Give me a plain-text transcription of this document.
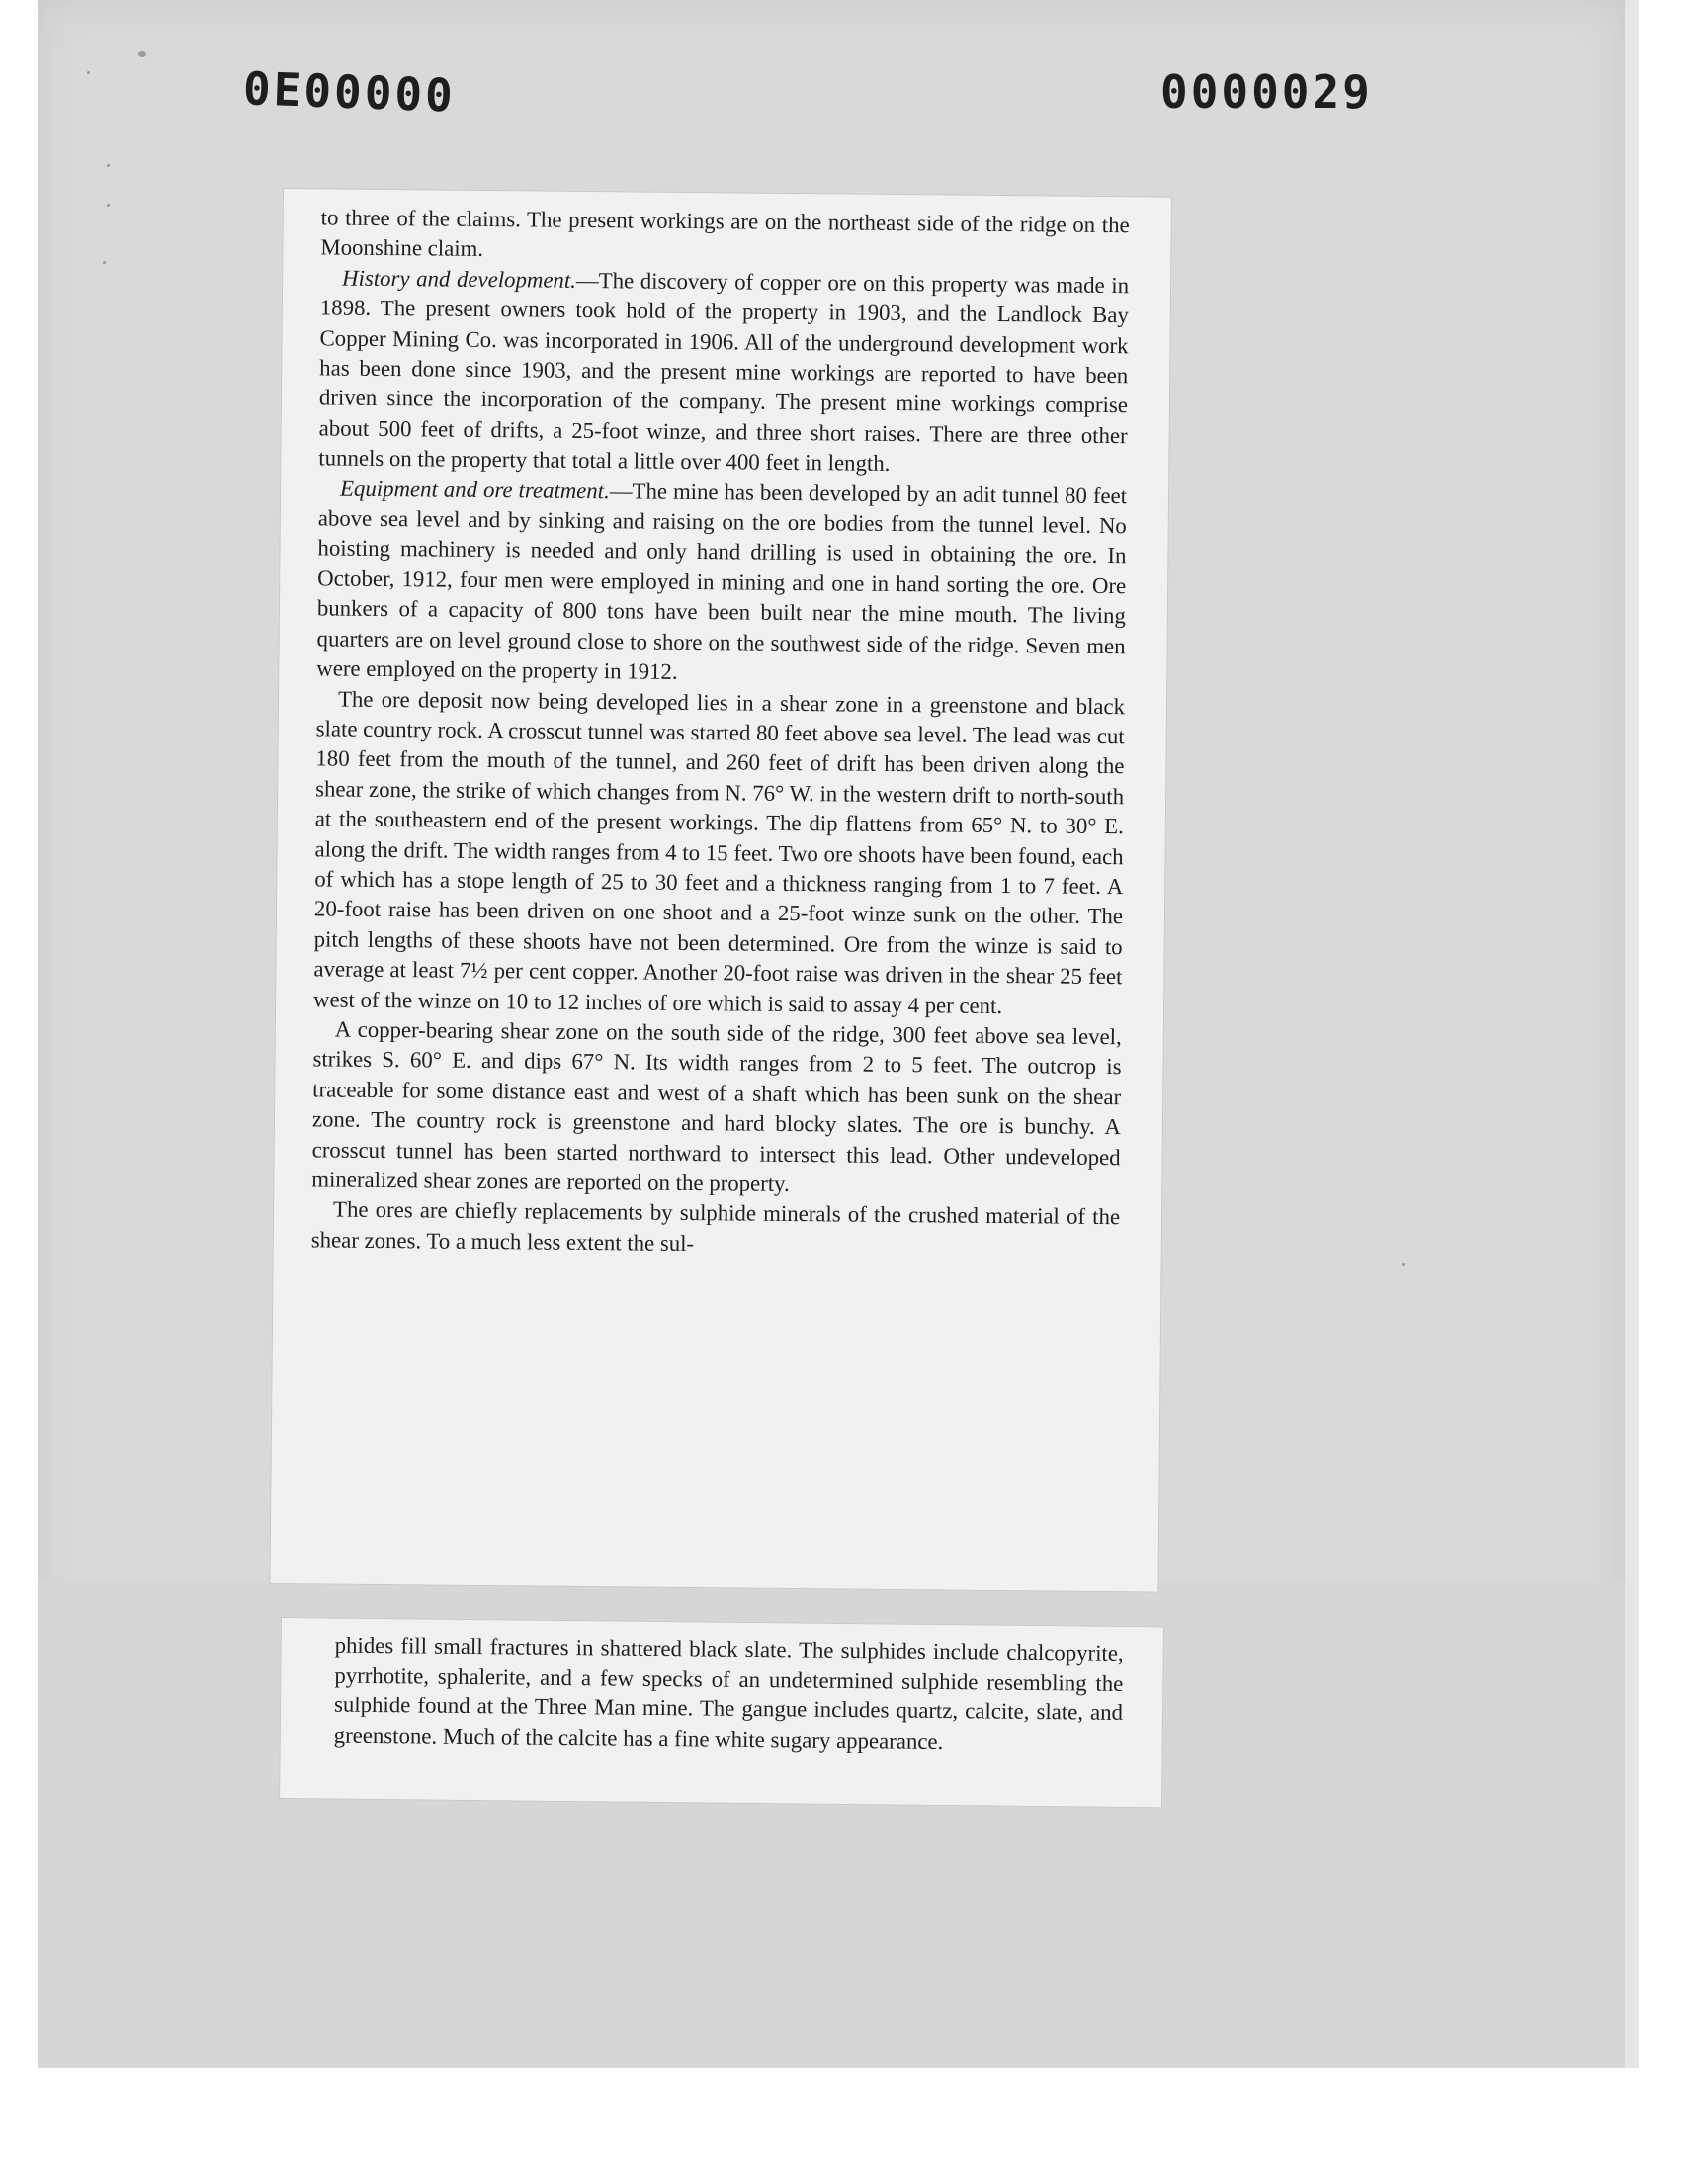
0E00000	0000029

to three of the claims. The present workings are on the northeast side of the ridge on the Moonshine claim.

History and development.—The discovery of copper ore on this property was made in 1898. The present owners took hold of the property in 1903, and the Landlock Bay Copper Mining Co. was incorporated in 1906. All of the underground development work has been done since 1903, and the present mine workings are reported to have been driven since the incorporation of the company. The present mine workings comprise about 500 feet of drifts, a 25-foot winze, and three short raises. There are three other tunnels on the property that total a little over 400 feet in length.

Equipment and ore treatment.—The mine has been developed by an adit tunnel 80 feet above sea level and by sinking and raising on the ore bodies from the tunnel level. No hoisting machinery is needed and only hand drilling is used in obtaining the ore. In October, 1912, four men were employed in mining and one in hand sorting the ore. Ore bunkers of a capacity of 800 tons have been built near the mine mouth. The living quarters are on level ground close to shore on the southwest side of the ridge. Seven men were employed on the property in 1912.

The ore deposit now being developed lies in a shear zone in a greenstone and black slate country rock. A crosscut tunnel was started 80 feet above sea level. The lead was cut 180 feet from the mouth of the tunnel, and 260 feet of drift has been driven along the shear zone, the strike of which changes from N. 76° W. in the western drift to north-south at the southeastern end of the present workings. The dip flattens from 65° N. to 30° E. along the drift. The width ranges from 4 to 15 feet. Two ore shoots have been found, each of which has a stope length of 25 to 30 feet and a thickness ranging from 1 to 7 feet. A 20-foot raise has been driven on one shoot and a 25-foot winze sunk on the other. The pitch lengths of these shoots have not been determined. Ore from the winze is said to average at least 7½ per cent copper. Another 20-foot raise was driven in the shear 25 feet west of the winze on 10 to 12 inches of ore which is said to assay 4 per cent.

A copper-bearing shear zone on the south side of the ridge, 300 feet above sea level, strikes S. 60° E. and dips 67° N. Its width ranges from 2 to 5 feet. The outcrop is traceable for some distance east and west of a shaft which has been sunk on the shear zone. The country rock is greenstone and hard blocky slates. The ore is bunchy. A crosscut tunnel has been started northward to intersect this lead. Other undeveloped mineralized shear zones are reported on the property.

The ores are chiefly replacements by sulphide minerals of the crushed material of the shear zones. To a much less extent the sul-

phides fill small fractures in shattered black slate. The sulphides include chalcopyrite, pyrrhotite, sphalerite, and a few specks of an undetermined sulphide resembling the sulphide found at the Three Man mine. The gangue includes quartz, calcite, slate, and greenstone. Much of the calcite has a fine white sugary appearance.
